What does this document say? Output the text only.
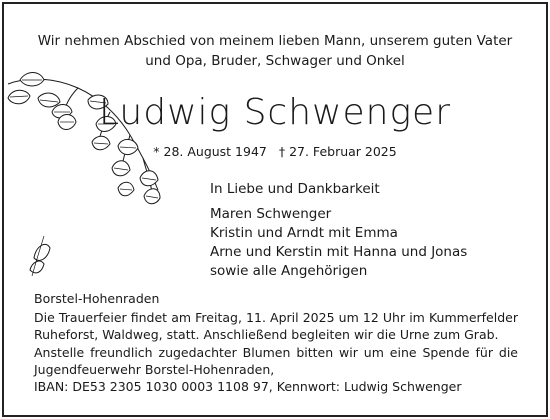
Wir nehmen Abschied von meinem lieben Mann, unserem guten Vater
und Opa, Bruder, Schwager und Onkel
Ludwig Schwenger
* 28. August 1947 † 27. Februar 2025
In Liebe und Dankbarkeit
Maren Schwenger
Kristin und Arndt mit Emma
Arne und Kerstin mit Hanna und Jonas
sowie alle Angehörigen
Borstel-Hohenraden

Die Trauerfeier findet am Freitag, 11. April 2025 um 12 Uhr im Kummerfelder Ruheforst, Waldweg, statt. Anschließend begleiten wir die Urne zum Grab.

Anstelle freundlich zugedachter Blumen bitten wir um eine Spende für die Jugendfeuerwehr Borstel-Hohenraden,

IBAN: DE53 2305 1030 0003 1108 97, Kennwort: Ludwig Schwenger
